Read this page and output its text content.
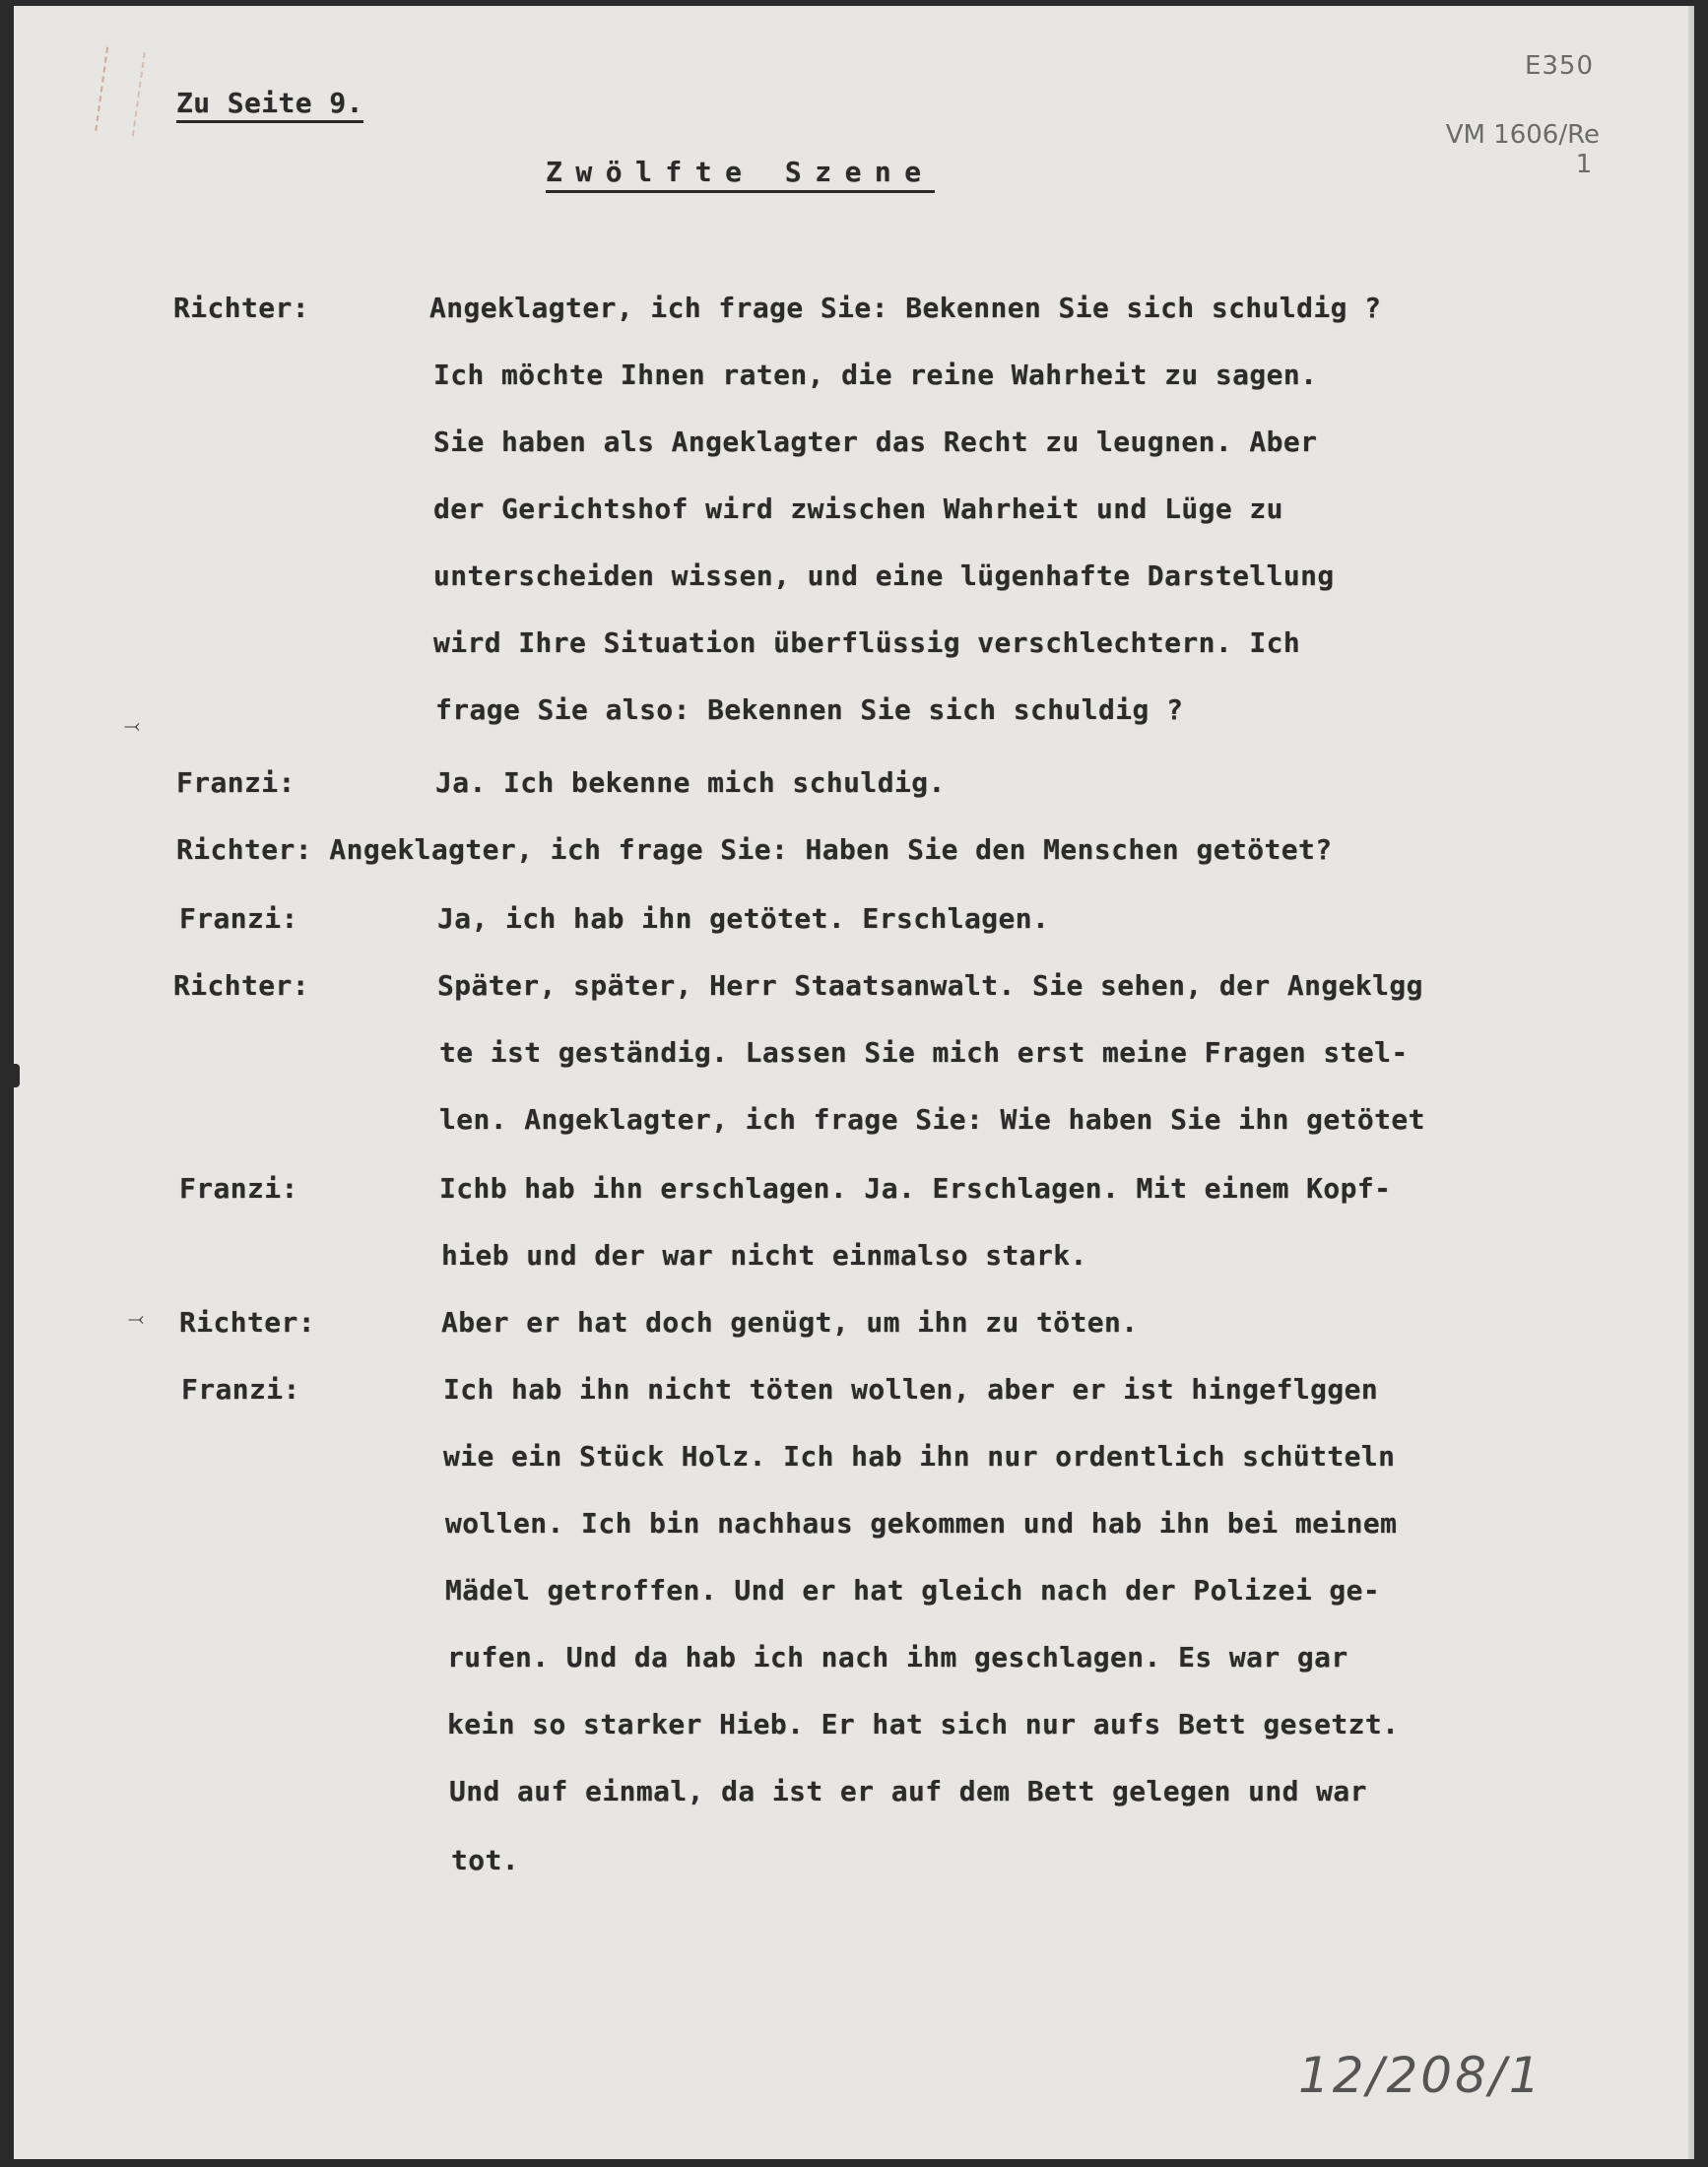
E350
VM 1606/Re
1
Zu Seite 9.
Zwölfte Szene
⤙
⤙
Richter:
Franzi:
Franzi:
Richter:
Franzi:
Richter:
Franzi:
Angeklagter, ich frage Sie: Bekennen Sie sich schuldig ?
Ich möchte Ihnen raten, die reine Wahrheit zu sagen.
Sie haben als Angeklagter das Recht zu leugnen. Aber
der Gerichtshof wird zwischen Wahrheit und Lüge zu
unterscheiden wissen, und eine lügenhafte Darstellung
wird Ihre Situation überflüssig verschlechtern. Ich
frage Sie also: Bekennen Sie sich schuldig ?
Ja. Ich bekenne mich schuldig.
Richter: Angeklagter, ich frage Sie: Haben Sie den Menschen getötet?
Ja, ich hab ihn getötet. Erschlagen.
Später, später, Herr Staatsanwalt. Sie sehen, der Angeklgg
te ist geständig. Lassen Sie mich erst meine Fragen stel-
len. Angeklagter, ich frage Sie: Wie haben Sie ihn getötet
Ichb hab ihn erschlagen. Ja. Erschlagen. Mit einem Kopf-
hieb und der war nicht einmalso stark.
Aber er hat doch genügt, um ihn zu töten.
Ich hab ihn nicht töten wollen, aber er ist hingeflggen
wie ein Stück Holz. Ich hab ihn nur ordentlich schütteln
wollen. Ich bin nachhaus gekommen und hab ihn bei meinem
Mädel getroffen. Und er hat gleich nach der Polizei ge-
rufen. Und da hab ich nach ihm geschlagen. Es war gar
kein so starker Hieb. Er hat sich nur aufs Bett gesetzt.
Und auf einmal, da ist er auf dem Bett gelegen und war
tot.
12/208/1
